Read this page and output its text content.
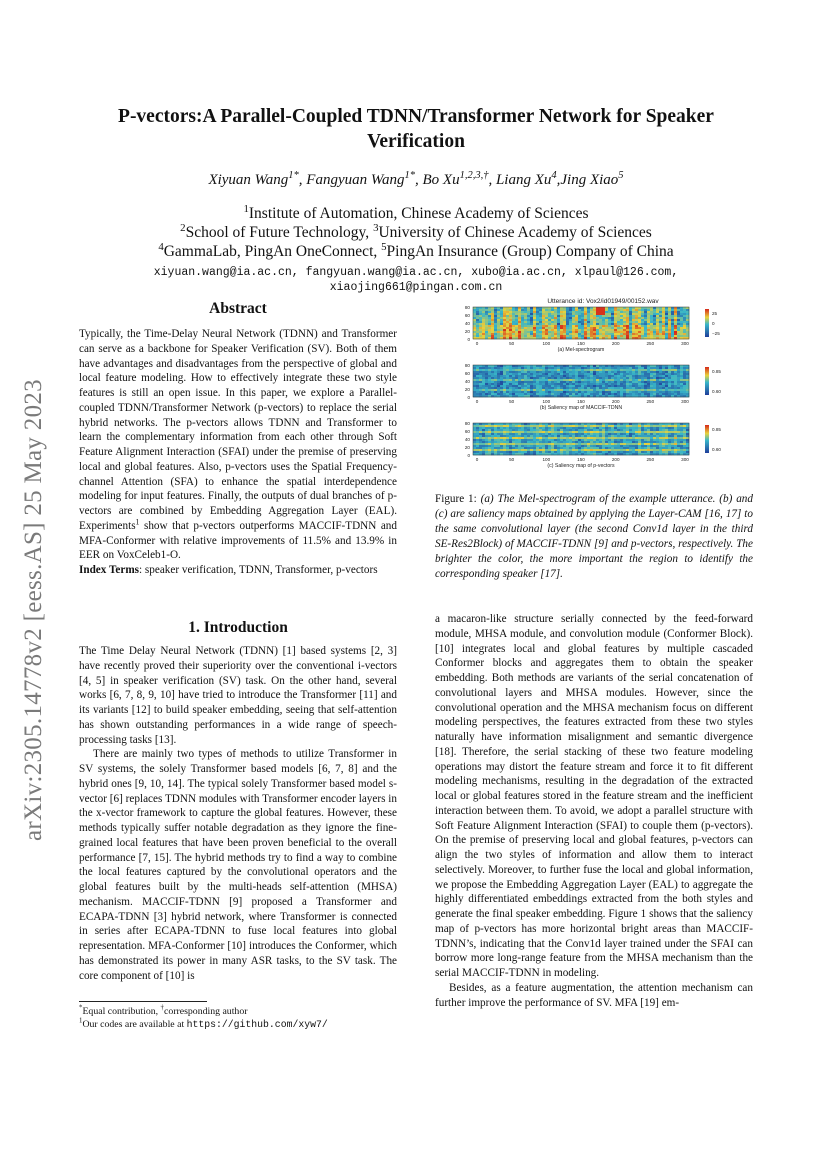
arXiv:2305.14778v2 [eess.AS] 25 May 2023
P-vectors:A Parallel-Coupled TDNN/Transformer Network for Speaker Verification
Xiyuan Wang$^{1*}$, Fangyuan Wang$^{1*}$, Bo $Xu^{1,2,3,\dagger}$, Liang Xu$^4$,Jing Xiao$^5$
$^1$Institute of Automation, Chinese Academy of Sciences
$^2$School of Future Technology, $^3$University of Chinese Academy of Sciences
$^4$GammaLab, PingAn OneConnect, $^5$PingAn Insurance (Group) Company of China
xiyuan.wang@ia.ac.cn, fangyuan.wang@ia.ac.cn, xubo@ia.ac.cn, xlpaul@126.com,
xiaojing661@pingan.com.cn
Abstract

Typically, the Time-Delay Neural Network (TDNN) and Transformer can serve as a backbone for Speaker Verification (SV). Both of them have advantages and disadvantages from the perspective of global and local feature modeling. How to effectively integrate these two style features is still an open issue. In this paper, we explore a Parallel-coupled TDNN/Transformer Network (p-vectors) to replace the serial hybrid networks. The p-vectors allows TDNN and Transformer to learn the complementary information from each other through Soft Feature Alignment Interaction (SFAI) under the premise of preserving local and global features. Also, p-vectors uses the Spatial Frequency-channel Attention (SFA) to enhance the spatial interdependence modeling for input features. Finally, the outputs of dual branches of p-vectors are combined by Embedding Aggregation Layer (EAL). Experiments$^1$ show that p-vectors outperforms MACCIF-TDNN and MFA-Conformer with relative improvements of 11.5% and 13.9% in EER on VoxCeleb1-O.

Index Terms: speaker verification, TDNN, Transformer, p-vectors

1. Introduction

The Time Delay Neural Network (TDNN) [1] based systems [2, 3] have recently proved their superiority over the conventional i-vectors [4, 5] in speaker verification (SV) task. On the other hand, several works [6, 7, 8, 9, 10] have tried to introduce the Transformer [11] and its variants [12] to build speaker embedding, seeing that self-attention has shown outstanding performances in a wide range of speech-processing tasks [13].

There are mainly two types of methods to utilize Transformer in SV systems, the solely Transformer based models [6, 7, 8] and the hybrid ones [9, 10, 14]. The typical solely Transformer based model s-vector [6] replaces TDNN modules with Transformer encoder layers in the x-vector framework to capture the global features. However, these methods typically suffer notable degradation as they ignore the fine-grained local features that have been proven beneficial to the overall performance [7, 15]. The hybrid methods try to find a way to combine the local features captured by the convolutional operators and the global features built by the multi-heads self-attention (MHSA) mechanism. MACCIF-TDNN [9] proposed a Transformer and ECAPA-TDNN [3] hybrid network, where Transformer is connected in series after ECAPA-TDNN to fuse local features into global representation. MFA-Conformer [10] introduces the Conformer, which has demonstrated its power in many ASR tasks, to the SV task. The core component of [10] is

Utterance id: Vox2/id01949/00152.wav
80
60
40
20
0
0	50	100	150	200	250	300
(a) Mel-spectrogram
25
0
−25
80
60
40
20
0
0	50	100	150	200	250	300
(b) Saliency map of MACCIF-TDNN
0.85
0.60
80
60
40
20
0
0	50	100	150	200	250	300
(c) Saliency map of p-vectors
0.85
0.60
Figure 1: (a) The Mel-spectrogram of the example utterance. (b) and (c) are saliency maps obtained by applying the Layer-CAM [16, 17] to the same convolutional layer (the second Conv1d layer in the third SE-Res2Block) of MACCIF-TDNN [9] and p-vectors, respectively. The brighter the color, the more important the region to identify the corresponding speaker [17].

a macaron-like structure serially connected by the feed-forward module, MHSA module, and convolution module (Conformer Block). [10] integrates local and global features by multiple cascaded Conformer blocks and aggregates them to obtain the speaker embedding. Both methods are variants of the serial concatenation of convolutional layers and MHSA modules. However, since the convolutional operation and the MHSA mechanism focus on different modeling perspectives, the features extracted from these two styles naturally have information misalignment and semantic divergence [18]. Therefore, the serial stacking of these two feature modeling operations may distort the feature stream and force it to fit different modeling mechanisms, resulting in the degradation of the extracted local or global features stored in the feature stream and the inefficient interaction between them. To avoid, we adopt a parallel structure with Soft Feature Alignment Interaction (SFAI) to couple them (p-vectors). On the premise of preserving local and global features, p-vectors can align the two styles of information and allow them to interact selectively. Moreover, to further fuse the local and global information, we propose the Embedding Aggregation Layer (EAL) to aggregate the highly differentiated embeddings extracted from the both styles and generate the final speaker embedding. Figure 1 shows that the saliency map of p-vectors has more horizontal bright areas than MACCIF-TDNN’s, indicating that the Conv1d layer trained under the SFAI can borrow more long-range feature from the MHSA mechanism than the serial MACCIF-TDNN in modeling.

Besides, as a feature augmentation, the attention mechanism can further improve the performance of SV. MFA [19] em-

*Equal contribution, †corresponding author
$^1$Our codes are available at https://github.com/xyw7/
